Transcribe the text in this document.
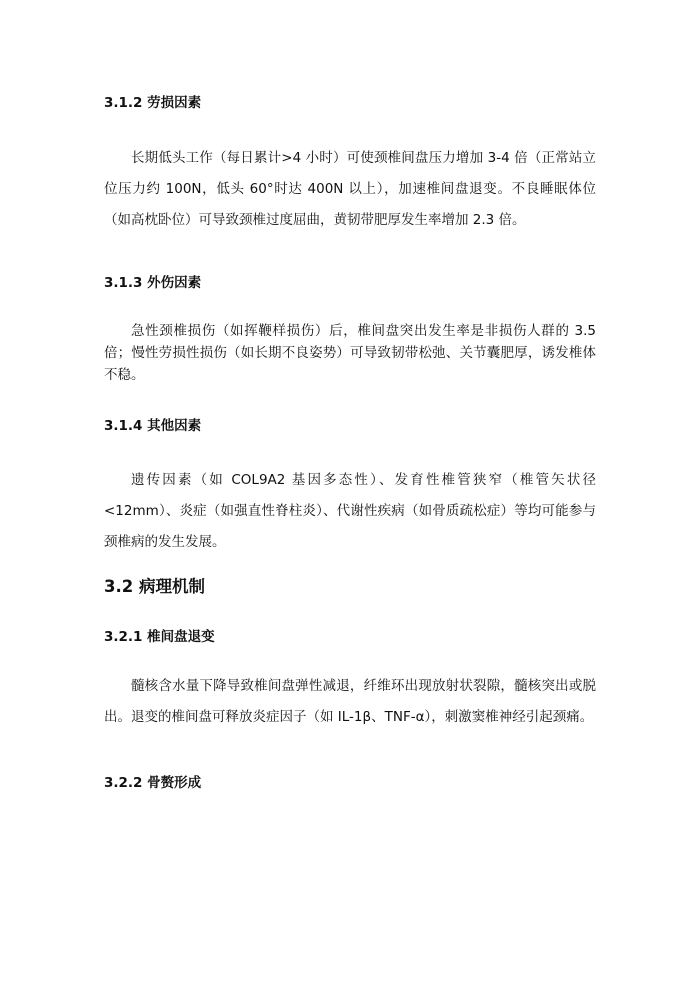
3.1.2 劳损因素

长期低头工作（每日累计>4 小时）可使颈椎间盘压力增加 3-4 倍（正常站立位压力约 100N，低头 60°时达 400N 以上），加速椎间盘退变。不良睡眠体位（如高枕卧位）可导致颈椎过度屈曲，黄韧带肥厚发生率增加 2.3 倍。

3.1.3 外伤因素

急性颈椎损伤（如挥鞭样损伤）后，椎间盘突出发生率是非损伤人群的 3.5 倍；慢性劳损性损伤（如长期不良姿势）可导致韧带松弛、关节囊肥厚，诱发椎体不稳。

3.1.4 其他因素

遗传因素（如 COL9A2 基因多态性）、发育性椎管狭窄（椎管矢状径<12mm）、炎症（如强直性脊柱炎）、代谢性疾病（如骨质疏松症）等均可能参与颈椎病的发生发展。

3.2 病理机制
3.2.1 椎间盘退变

髓核含水量下降导致椎间盘弹性减退，纤维环出现放射状裂隙，髓核突出或脱出。退变的椎间盘可释放炎症因子（如 IL-1β、TNF-α），刺激窦椎神经引起颈痛。

3.2.2 骨赘形成
